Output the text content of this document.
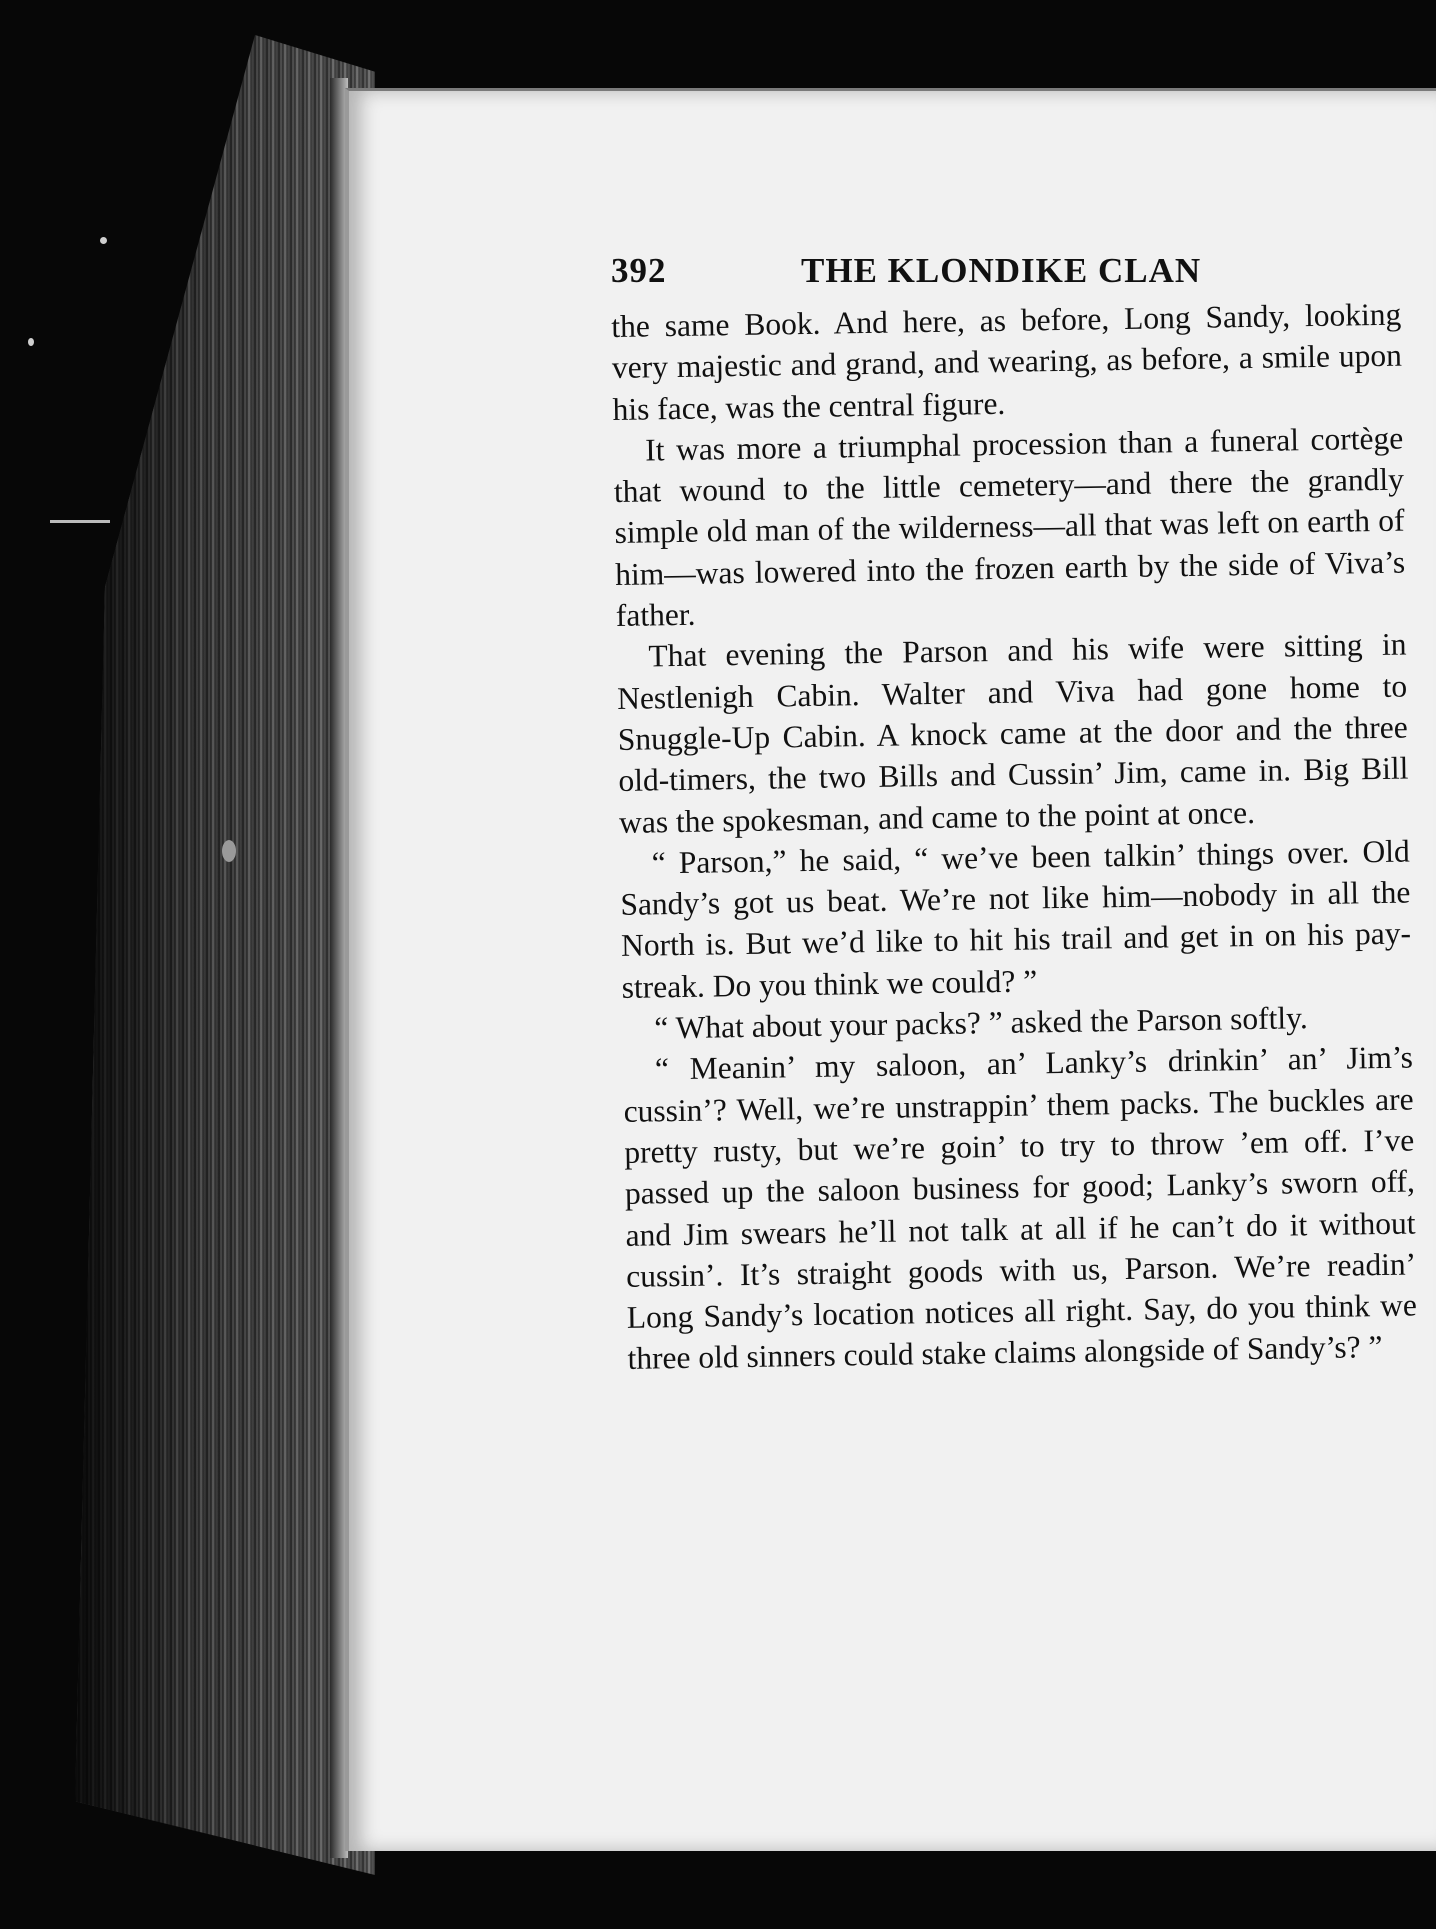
392	THE KLONDIKE CLAN

the same Book. And here, as before, Long Sandy, looking very majestic and grand, and wearing, as before, a smile upon his face, was the central figure.

It was more a triumphal procession than a funeral cortège that wound to the little cemetery—and there the grandly simple old man of the wilderness—all that was left on earth of him—was lowered into the frozen earth by the side of Viva’s father.

That evening the Parson and his wife were sitting in Nestlenigh Cabin. Walter and Viva had gone home to Snuggle-Up Cabin. A knock came at the door and the three old-timers, the two Bills and Cussin’ Jim, came in. Big Bill was the spokesman, and came to the point at once.

“ Parson,” he said, “ we’ve been talkin’ things over. Old Sandy’s got us beat. We’re not like him—nobody in all the North is. But we’d like to hit his trail and get in on his pay-streak. Do you think we could? ”

“ What about your packs? ” asked the Parson softly.

“ Meanin’ my saloon, an’ Lanky’s drinkin’ an’ Jim’s cussin’? Well, we’re unstrappin’ them packs. The buckles are pretty rusty, but we’re goin’ to try to throw ’em off. I’ve passed up the saloon business for good; Lanky’s sworn off, and Jim swears he’ll not talk at all if he can’t do it without cussin’. It’s straight goods with us, Parson. We’re readin’ Long Sandy’s location notices all right. Say, do you think we three old sinners could stake claims alongside of Sandy’s? ”
